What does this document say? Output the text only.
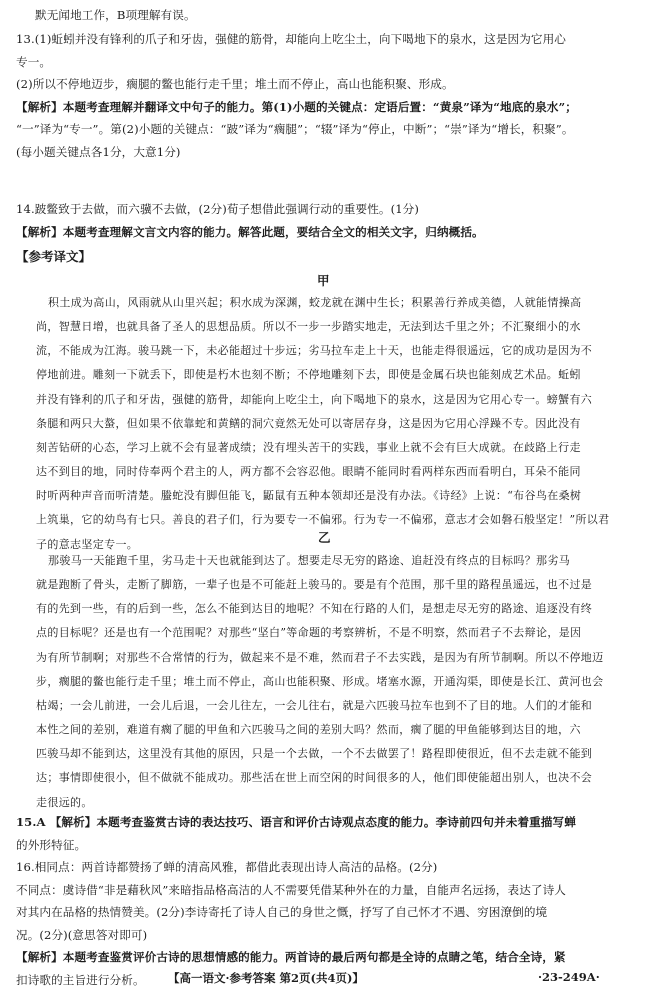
默无闻地工作，B项理解有误。
13.(1)蚯蚓并没有锋利的爪子和牙齿，强健的筋骨，却能向上吃尘土，向下喝地下的泉水，这是因为它用心
专一。
(2)所以不停地迈步，瘸腿的鳖也能行走千里；堆土而不停止，高山也能积聚、形成。
【解析】本题考查理解并翻译文中句子的能力。第(1)小题的关键点：定语后置：“黄泉”译为“地底的泉水”；
“一”译为“专一”。第(2)小题的关键点：“跛”译为“瘸腿”；“辍”译为“停止，中断”；“崇”译为“增长，积聚”。
(每小题关键点各1分，大意1分)
14.跛鳖致于去做，而六骥不去做，(2分)荀子想借此强调行动的重要性。(1分)
【解析】本题考查理解文言文内容的能力。解答此题，要结合全文的相关文字，归纳概括。
【参考译文】
甲
积土成为高山，风雨就从山里兴起；积水成为深渊，蛟龙就在渊中生长；积累善行养成美德，人就能情操高
尚，智慧日增，也就具备了圣人的思想品质。所以不一步一步踏实地走，无法到达千里之外；不汇聚细小的水
流，不能成为江海。骏马跳一下，未必能超过十步远；劣马拉车走上十天，也能走得很遥远，它的成功是因为不
停地前进。雕刻一下就丢下，即使是朽木也刻不断；不停地雕刻下去，即使是金属石块也能刻成艺术品。蚯蚓
并没有锋利的爪子和牙齿，强健的筋骨，却能向上吃尘土，向下喝地下的泉水，这是因为它用心专一。螃蟹有六
条腿和两只大螯，但如果不依靠蛇和黄鳝的洞穴竟然无处可以寄居存身，这是因为它用心浮躁不专。因此没有
刻苦钻研的心态，学习上就不会有显著成绩；没有埋头苦干的实践，事业上就不会有巨大成就。在歧路上行走
达不到目的地，同时侍奉两个君主的人，两方都不会容忍他。眼睛不能同时看两样东西而看明白，耳朵不能同
时听两种声音而听清楚。螣蛇没有脚但能飞，鼫鼠有五种本领却还是没有办法。《诗经》上说：“布谷鸟在桑树
上筑巢，它的幼鸟有七只。善良的君子们，行为要专一不偏邪。行为专一不偏邪，意志才会如磐石般坚定！”所以君
子的意志坚定专一。	乙
那骏马一天能跑千里，劣马走十天也就能到达了。想要走尽无穷的路途、追赶没有终点的目标吗？那劣马
就是跑断了骨头，走断了脚筋，一辈子也是不可能赶上骏马的。要是有个范围，那千里的路程虽遥远，也不过是
有的先到一些，有的后到一些，怎么不能到达目的地呢？不知在行路的人们，是想走尽无穷的路途、追逐没有终
点的目标呢？还是也有一个范围呢？对那些“坚白”等命题的考察辨析，不是不明察，然而君子不去辩论，是因
为有所节制啊；对那些不合常情的行为，做起来不是不难，然而君子不去实践，是因为有所节制啊。所以不停地迈
步，瘸腿的鳖也能行走千里；堆土而不停止，高山也能积聚、形成。堵塞水源，开通沟渠，即使是长江、黄河也会
枯竭；一会儿前进，一会儿后退，一会儿往左，一会儿往右，就是六匹骏马拉车也到不了目的地。人们的才能和
本性之间的差别，难道有瘸了腿的甲鱼和六匹骏马之间的差别大吗？然而，瘸了腿的甲鱼能够到达目的地，六
匹骏马却不能到达，这里没有其他的原因，只是一个去做，一个不去做罢了！路程即使很近，但不去走就不能到
达；事情即使很小，但不做就不能成功。那些活在世上而空闲的时间很多的人，他们即使能超出别人，也决不会
走很远的。
15.A 【解析】本题考查鉴赏古诗的表达技巧、语言和评价古诗观点态度的能力。李诗前四句并未着重描写蝉
的外形特征。
16.相同点：两首诗都赞扬了蝉的清高风雅，都借此表现出诗人高洁的品格。(2分)
不同点：虞诗借“非是藉秋风”来暗指品格高洁的人不需要凭借某种外在的力量，自能声名远扬，表达了诗人
对其内在品格的热情赞美。(2分)李诗寄托了诗人自己的身世之慨，抒写了自己怀才不遇、穷困潦倒的境
况。(2分)(意思答对即可)
【解析】本题考查鉴赏评价古诗的思想情感的能力。两首诗的最后两句都是全诗的点睛之笔，结合全诗，紧
扣诗歌的主旨进行分析。	【高一语文·参考答案 第2页(共4页)】	·23-249A·
